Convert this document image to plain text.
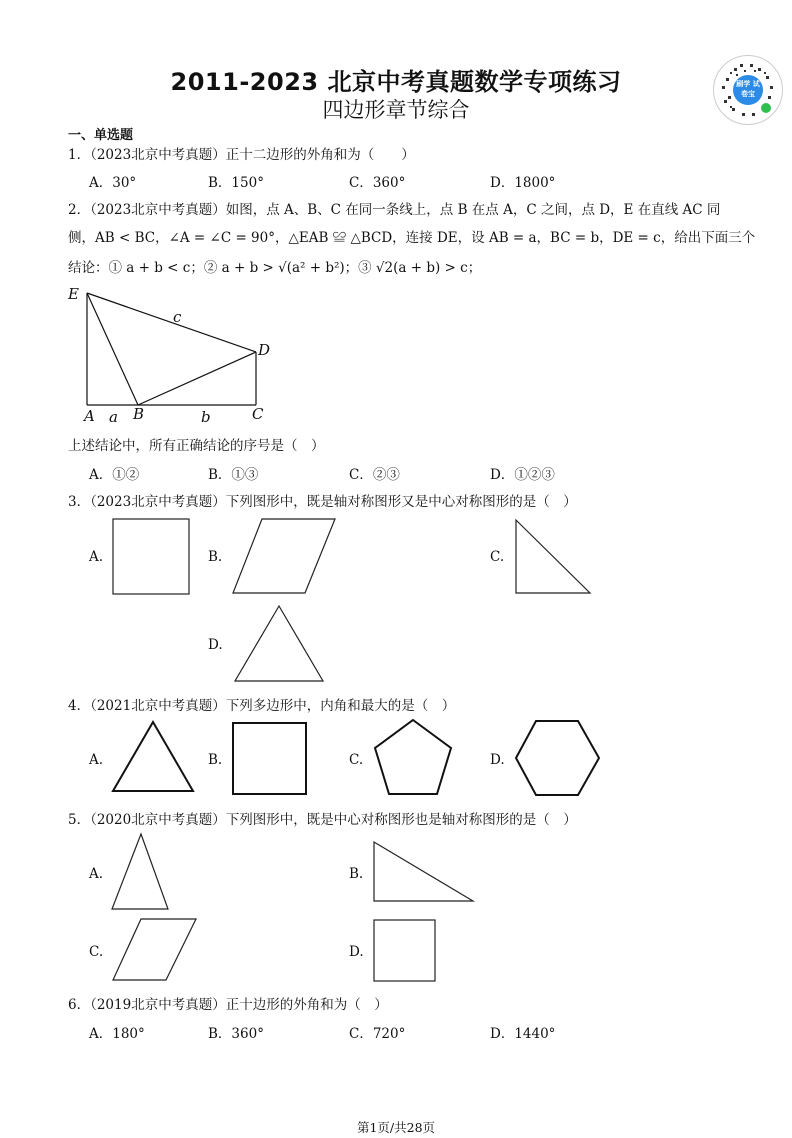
2011-2023 北京中考真题数学专项练习
四边形章节综合
刷学 试卷宝
一、单选题
1．（2023北京中考真题）正十二边形的外角和为（　　）
A．30°	B．150°	C．360°	D．1800°
2．（2023北京中考真题）如图，点 A、B、C 在同一条线上，点 B 在点 A，C 之间，点 D，E 在直线 AC 同
侧，AB < BC，∠A = ∠C = 90°，△EAB ≌ △BCD，连接 DE，设 AB = a，BC = b，DE = c，给出下面三个
结论：① a + b < c；② a + b > √(a² + b²)；③ √2(a + b) > c；
E
D
A	B	C
a	b
c
上述结论中，所有正确结论的序号是（　）
A．①②	B．①③	C．②③	D．①②③
3．（2023北京中考真题）下列图形中，既是轴对称图形又是中心对称图形的是（　）
A.	B.	C.
D.
4．（2021北京中考真题）下列多边形中，内角和最大的是（　）
A.	B.	C.	D.
5．（2020北京中考真题）下列图形中，既是中心对称图形也是轴对称图形的是（　）
A.	B.
C.	D.
6．（2019北京中考真题）正十边形的外角和为（　）
A．180°	B．360°	C．720°	D．1440°
第1页/共28页
